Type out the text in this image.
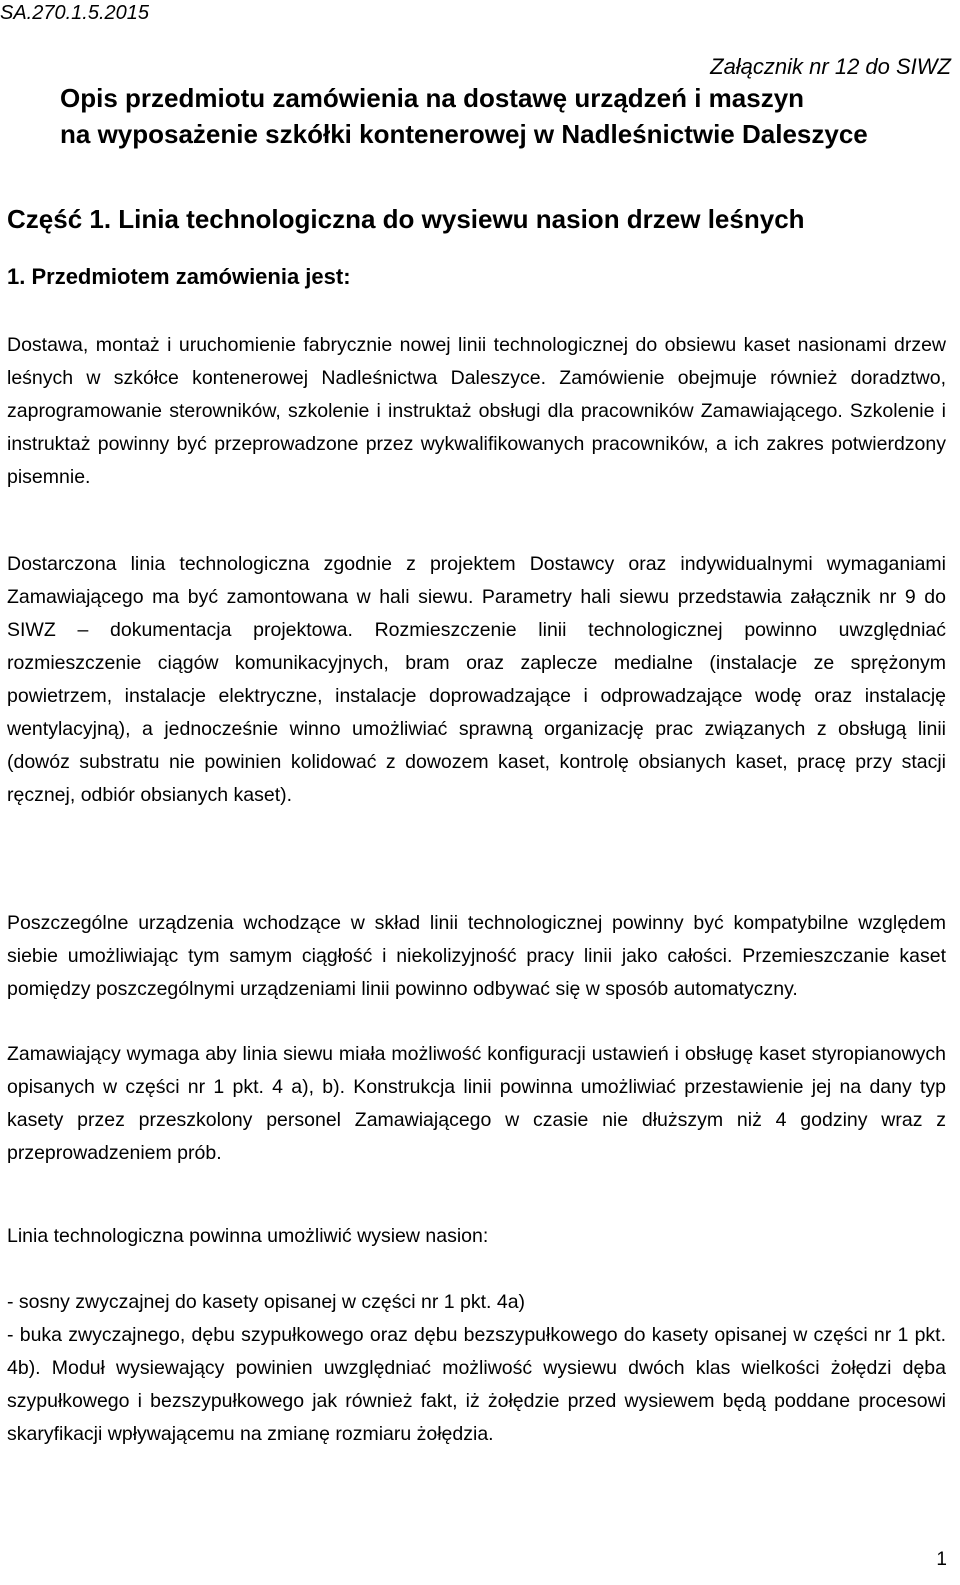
SA.270.1.5.2015
Załącznik nr 12 do SIWZ

Opis przedmiotu zamówienia na dostawę urządzeń i maszyn

na wyposażenie szkółki kontenerowej w Nadleśnictwie Daleszyce

Część 1. Linia technologiczna do wysiewu nasion drzew leśnych
1. Przedmiotem zamówienia jest:

Dostawa, montaż i uruchomienie fabrycznie nowej linii technologicznej do obsiewu kaset nasionami drzew leśnych w szkółce kontenerowej Nadleśnictwa Daleszyce. Zamówienie obejmuje również doradztwo, zaprogramowanie sterowników, szkolenie i instruktaż obsługi dla pracowników Zamawiającego. Szkolenie i instruktaż powinny być przeprowadzone przez wykwalifikowanych pracowników, a ich zakres potwierdzony pisemnie.

Dostarczona linia technologiczna zgodnie z projektem Dostawcy oraz indywidualnymi wymaganiami Zamawiającego ma być zamontowana w hali siewu. Parametry hali siewu przedstawia załącznik nr 9 do SIWZ – dokumentacja projektowa. Rozmieszczenie linii technologicznej powinno uwzględniać rozmieszczenie ciągów komunikacyjnych, bram oraz zaplecze medialne (instalacje ze sprężonym powietrzem, instalacje elektryczne, instalacje doprowadzające i odprowadzające wodę oraz instalację wentylacyjną), a jednocześnie winno umożliwiać sprawną organizację prac związanych z obsługą linii (dowóz substratu nie powinien kolidować z dowozem kaset, kontrolę obsianych kaset, pracę przy stacji ręcznej, odbiór obsianych kaset).

Poszczególne urządzenia wchodzące w skład linii technologicznej powinny być kompatybilne względem siebie umożliwiając tym samym ciągłość i niekolizyjność pracy linii jako całości. Przemieszczanie kaset pomiędzy poszczególnymi urządzeniami linii powinno odbywać się w sposób automatyczny.

Zamawiający wymaga aby linia siewu miała możliwość konfiguracji ustawień i obsługę kaset styropianowych opisanych w części nr 1 pkt. 4 a), b). Konstrukcja linii powinna umożliwiać przestawienie jej na dany typ kasety przez przeszkolony personel Zamawiającego w czasie nie dłuższym niż 4 godziny wraz z przeprowadzeniem prób.

Linia technologiczna powinna umożliwić wysiew nasion:

- sosny zwyczajnej do kasety opisanej w części nr 1 pkt. 4a)

- buka zwyczajnego, dębu szypułkowego oraz dębu bezszypułkowego do kasety opisanej w części nr 1 pkt. 4b). Moduł wysiewający powinien uwzględniać możliwość wysiewu dwóch klas wielkości żołędzi dęba szypułkowego i bezszypułkowego jak również fakt, iż żołędzie przed wysiewem będą poddane procesowi skaryfikacji wpływającemu na zmianę rozmiaru żołędzia.

1
